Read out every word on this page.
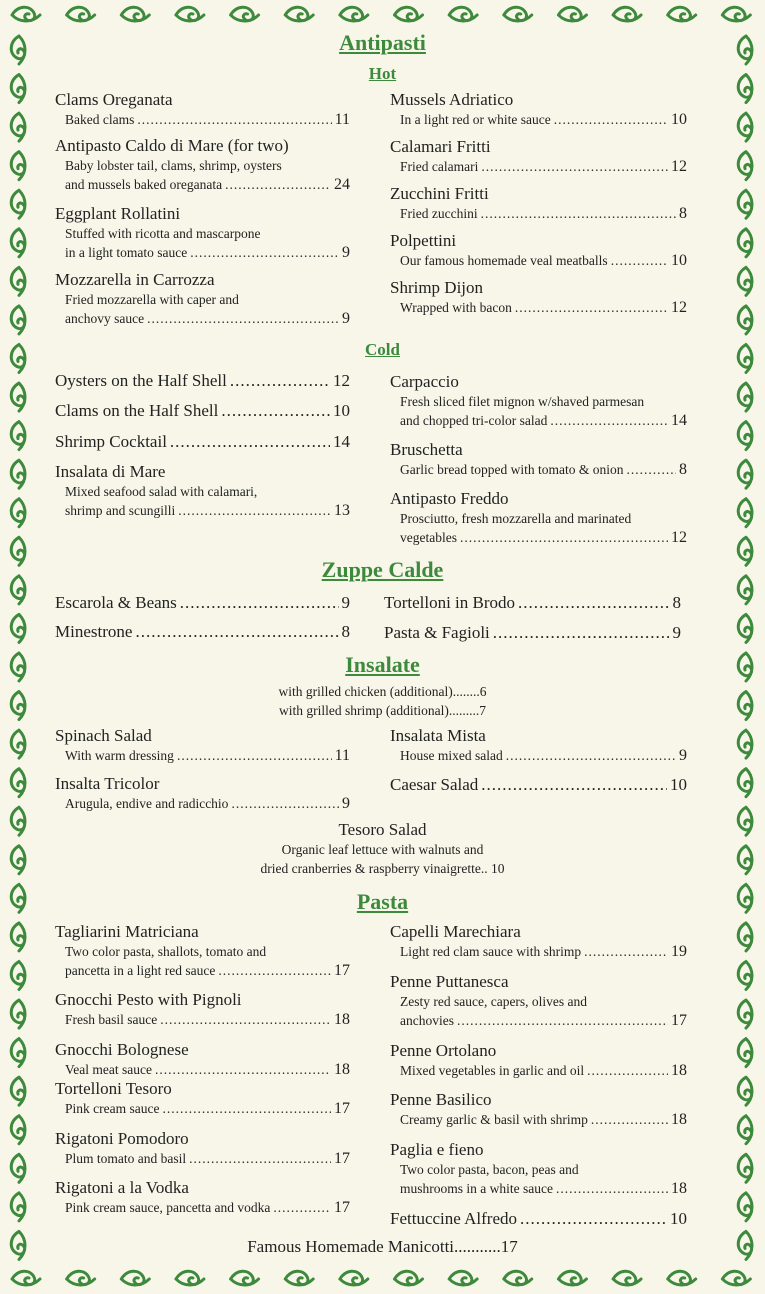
Antipasti
Hot
Cold
Zuppe Calde
Insalate
Pasta
with grilled chicken (additional)........6
with grilled shrimp (additional).........7
Tesoro Salad
Organic leaf lettuce with walnuts and
dried cranberries & raspberry vinaigrette.. 10
Famous Homemade Manicotti...........17
Clams Oreganata
Baked clams .....	11
Antipasto Caldo di Mare (for two)
Baby lobster tail, clams, shrimp, oysters
and mussels baked oreganata .....	24
Eggplant Rollatini
Stuffed with ricotta and mascarpone
in a light tomato sauce .....	9
Mozzarella in Carrozza
Fried mozzarella with caper and
anchovy sauce .....	9
Mussels Adriatico
In a light red or white sauce .....	10
Calamari Fritti
Fried calamari .....	12
Zucchini Fritti
Fried zucchini .....	8
Polpettini
Our famous homemade veal meatballs .....	10
Shrimp Dijon
Wrapped with bacon .....	12
Oysters on the Half Shell .....	12
Clams on the Half Shell .....	10
Shrimp Cocktail .....	14
Insalata di Mare
Mixed seafood salad with calamari,
shrimp and scungilli .....	13
Carpaccio
Fresh sliced filet mignon w/shaved parmesan
and chopped tri-color salad .....	14
Bruschetta
Garlic bread topped with tomato & onion .....	8
Antipasto Freddo
Prosciutto, fresh mozzarella and marinated
vegetables .....	12
Escarola & Beans .....	9
Minestrone .....	8
Tortelloni in Brodo .....	8
Pasta & Fagioli .....	9
Spinach Salad
With warm dressing .....	11
Insalta Tricolor
Arugula, endive and radicchio .....	9
Insalata Mista
House mixed salad .....	9
Caesar Salad .....	10
Tagliarini Matriciana
Two color pasta, shallots, tomato and
pancetta in a light red sauce .....	17
Gnocchi Pesto with Pignoli
Fresh basil sauce .....	18
Gnocchi Bolognese
Veal meat sauce .....	18
Tortelloni Tesoro
Pink cream sauce .....	17
Rigatoni Pomodoro
Plum tomato and basil .....	17
Rigatoni a la Vodka
Pink cream sauce, pancetta and vodka .....	17
Capelli Marechiara
Light red clam sauce with shrimp .....	19
Penne Puttanesca
Zesty red sauce, capers, olives and
anchovies .....	17
Penne Ortolano
Mixed vegetables in garlic and oil .....	18
Penne Basilico
Creamy garlic & basil with shrimp .....	18
Paglia e fieno
Two color pasta, bacon, peas and
mushrooms in a white sauce .....	18
Fettuccine Alfredo .....	10
